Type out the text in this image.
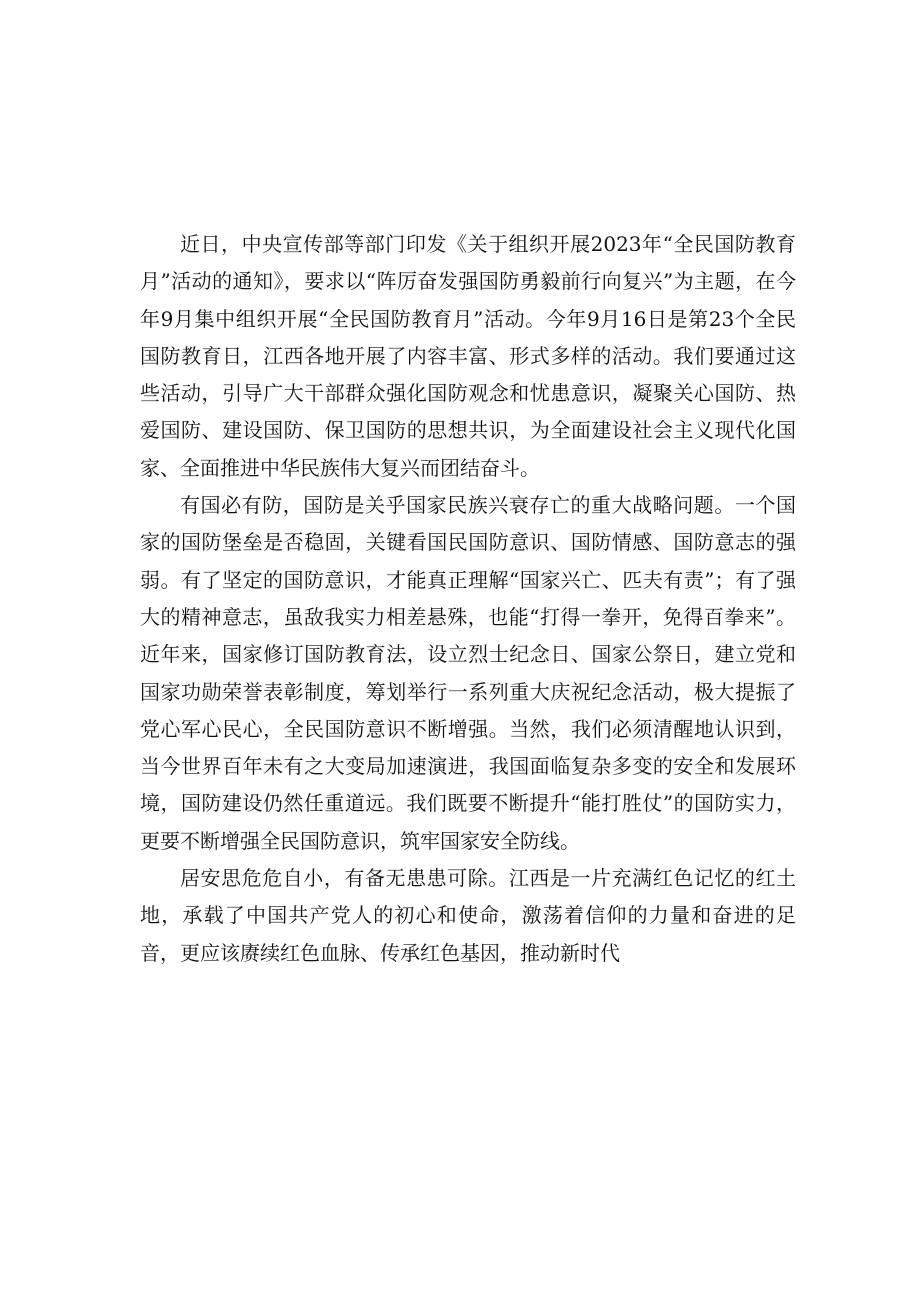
近日，中央宣传部等部门印发《关于组织开展2023年“全民国防教育月”活动的通知》，要求以“阵厉奋发强国防勇毅前行向复兴”为主题，在今年9月集中组织开展“全民国防教育月”活动。今年9月16日是第23个全民国防教育日，江西各地开展了内容丰富、形式多样的活动。我们要通过这些活动，引导广大干部群众强化国防观念和忧患意识，凝聚关心国防、热爱国防、建设国防、保卫国防的思想共识，为全面建设社会主义现代化国家、全面推进中华民族伟大复兴而团结奋斗。

有国必有防，国防是关乎国家民族兴衰存亡的重大战略问题。一个国家的国防堡垒是否稳固，关键看国民国防意识、国防情感、国防意志的强弱。有了坚定的国防意识，才能真正理解“国家兴亡、匹夫有责”；有了强大的精神意志，虽敌我实力相差悬殊，也能“打得一拳开，免得百拳来”。近年来，国家修订国防教育法，设立烈士纪念日、国家公祭日，建立党和国家功勋荣誉表彰制度，筹划举行一系列重大庆祝纪念活动，极大提振了党心军心民心，全民国防意识不断增强。当然，我们必须清醒地认识到，当今世界百年未有之大变局加速演进，我国面临复杂多变的安全和发展环境，国防建设仍然任重道远。我们既要不断提升“能打胜仗”的国防实力，更要不断增强全民国防意识，筑牢国家安全防线。

居安思危危自小，有备无患患可除。江西是一片充满红色记忆的红土地，承载了中国共产党人的初心和使命，激荡着信仰的力量和奋进的足音，更应该赓续红色血脉、传承红色基因，推动新时代
